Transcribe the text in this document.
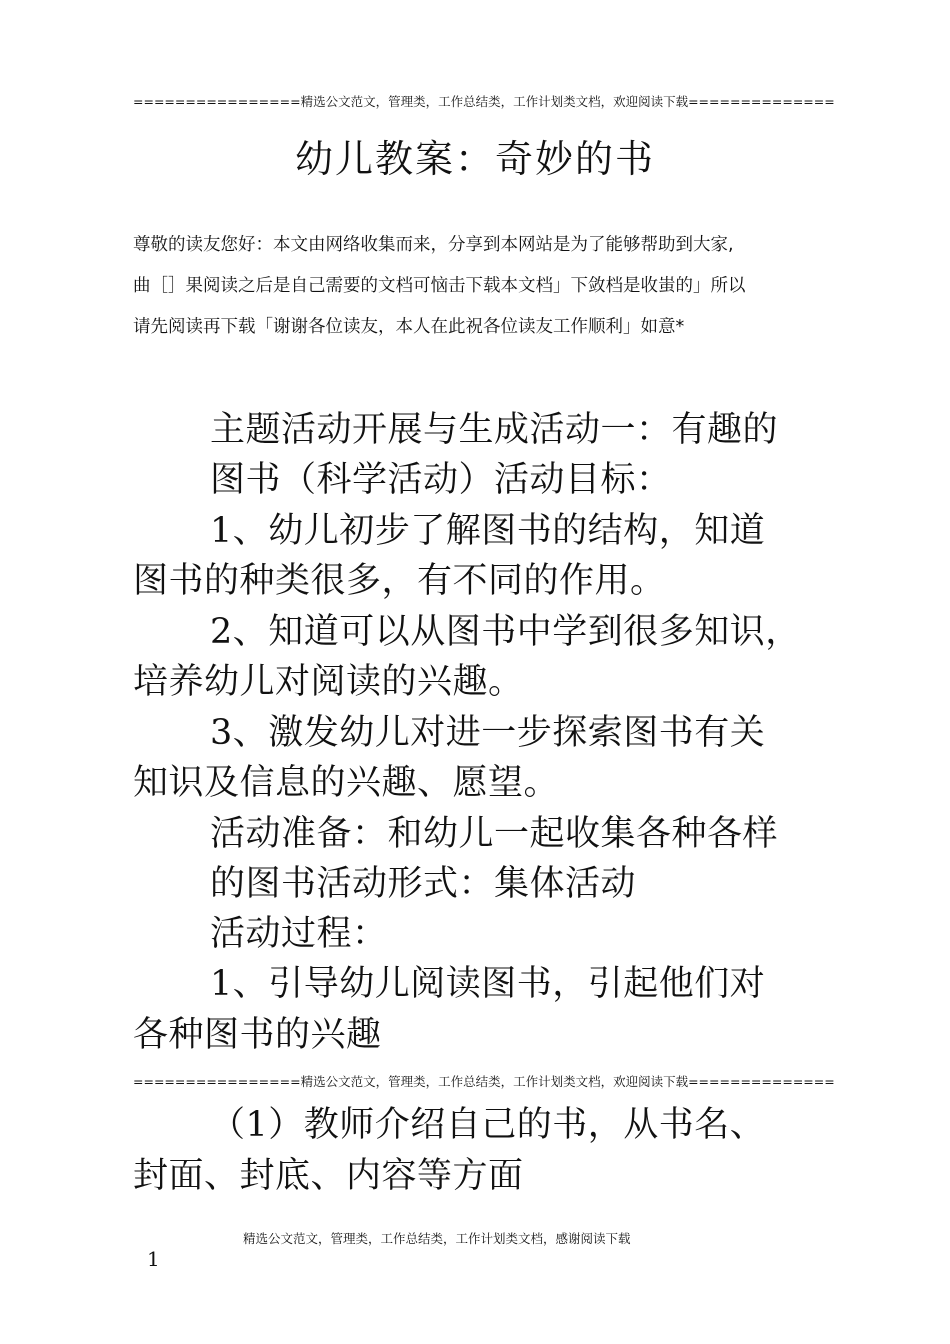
================精选公文范文，管理类，工作总结类，工作计划类文档，欢迎阅读下载==============
幼儿教案：奇妙的书
尊敬的读友您好：本文由网络收集而来，分享到本网站是为了能够帮助到大家,
曲［］果阅读之后是自己需要的文档可恼击下载本文档」下敛档是收蚩的」所以
请先阅读再下载「谢谢各位读友，本人在此祝各位读友工作顺利」如意*
主题活动开展与生成活动一：有趣的
图书（科学活动）活动目标：
1、幼儿初步了解图书的结构，知道
图书的种类很多，有不同的作用。
2、知道可以从图书中学到很多知识，
培养幼儿对阅读的兴趣。
3、激发幼儿对进一步探索图书有关
知识及信息的兴趣、愿望。
活动准备：和幼儿一起收集各种各样
的图书活动形式：集体活动
活动过程：
1、引导幼儿阅读图书，引起他们对
各种图书的兴趣
================精选公文范文，管理类，工作总结类，工作计划类文档，欢迎阅读下载==============
（1）教师介绍自己的书，从书名、
封面、封底、内容等方面
精选公文范文，管理类，工作总结类，工作计划类文档，感谢阅读下载
1
